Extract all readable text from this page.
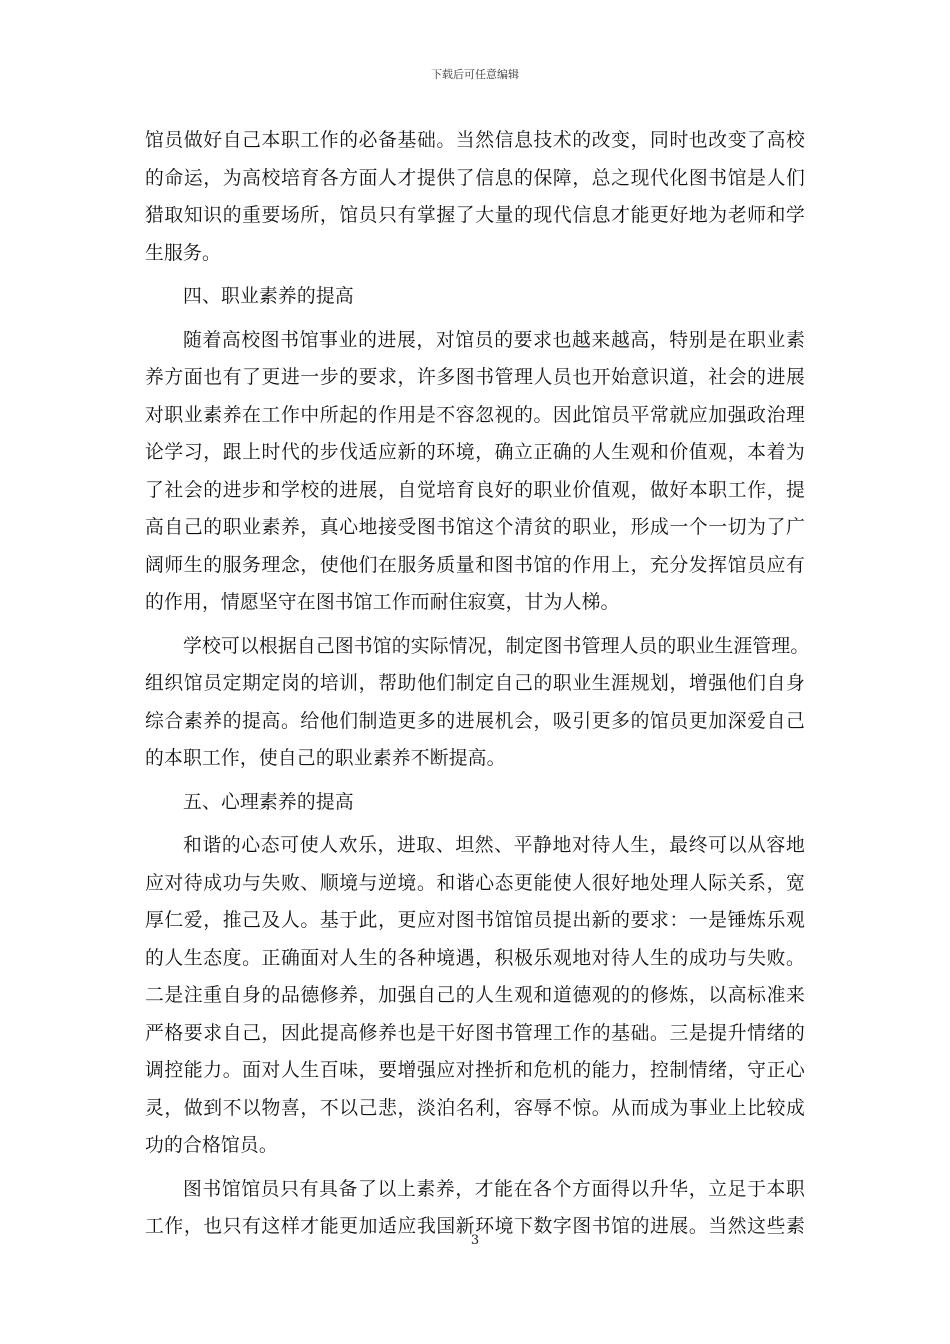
下载后可任意编辑
馆员做好自己本职工作的必备基础。当然信息技术的改变，同时也改变了高校
的命运，为高校培育各方面人才提供了信息的保障，总之现代化图书馆是人们
猎取知识的重要场所，馆员只有掌握了大量的现代信息才能更好地为老师和学
生服务。
四、职业素养的提高
随着高校图书馆事业的进展，对馆员的要求也越来越高，特别是在职业素
养方面也有了更进一步的要求，许多图书管理人员也开始意识道，社会的进展
对职业素养在工作中所起的作用是不容忽视的。因此馆员平常就应加强政治理
论学习，跟上时代的步伐适应新的环境，确立正确的人生观和价值观，本着为
了社会的进步和学校的进展，自觉培育良好的职业价值观，做好本职工作，提
高自己的职业素养，真心地接受图书馆这个清贫的职业，形成一个一切为了广
阔师生的服务理念，使他们在服务质量和图书馆的作用上，充分发挥馆员应有
的作用，情愿坚守在图书馆工作而耐住寂寞，甘为人梯。
学校可以根据自己图书馆的实际情况，制定图书管理人员的职业生涯管理。
组织馆员定期定岗的培训，帮助他们制定自己的职业生涯规划，增强他们自身
综合素养的提高。给他们制造更多的进展机会，吸引更多的馆员更加深爱自己
的本职工作，使自己的职业素养不断提高。
五、心理素养的提高
和谐的心态可使人欢乐，进取、坦然、平静地对待人生，最终可以从容地
应对待成功与失败、顺境与逆境。和谐心态更能使人很好地处理人际关系，宽
厚仁爱，推己及人。基于此，更应对图书馆馆员提出新的要求：一是锤炼乐观
的人生态度。正确面对人生的各种境遇，积极乐观地对待人生的成功与失败。
二是注重自身的品德修养，加强自己的人生观和道德观的的修炼，以高标准来
严格要求自己，因此提高修养也是干好图书管理工作的基础。三是提升情绪的
调控能力。面对人生百味，要增强应对挫折和危机的能力，控制情绪，守正心
灵，做到不以物喜，不以己悲，淡泊名利，容辱不惊。从而成为事业上比较成
功的合格馆员。
图书馆馆员只有具备了以上素养，才能在各个方面得以升华，立足于本职
工作，也只有这样才能更加适应我国新环境下数字图书馆的进展。当然这些素
3
